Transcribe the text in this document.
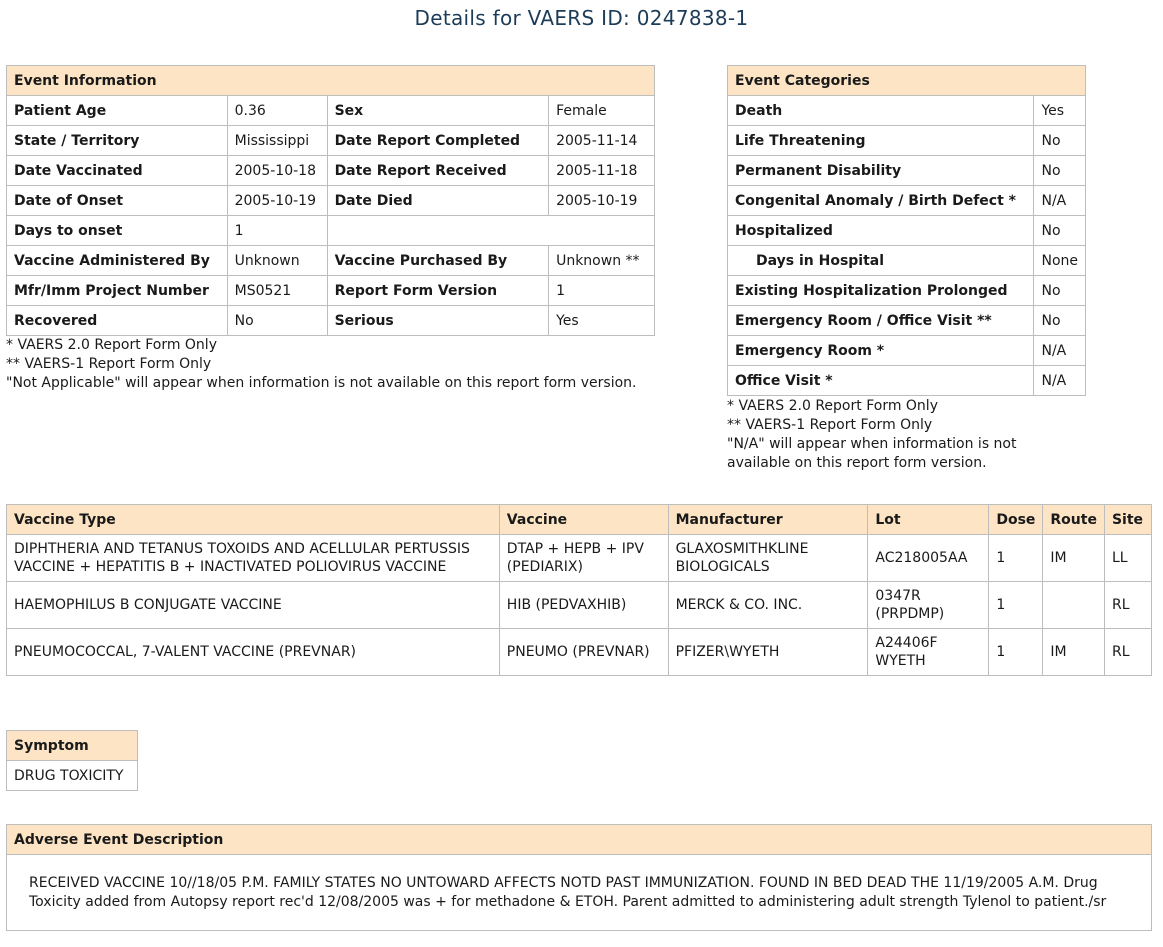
Details for VAERS ID: 0247838-1
Event Information			
Patient Age	0.36	Sex	Female
State / Territory	Mississippi	Date Report Completed	2005-11-14
Date Vaccinated	2005-10-18	Date Report Received	2005-11-18
Date of Onset	2005-10-19	Date Died	2005-10-19
Days to onset	1		
Vaccine Administered By	Unknown	Vaccine Purchased By	Unknown **
Mfr/Imm Project Number	MS0521	Report Form Version	1
Recovered	No	Serious	Yes
* VAERS 2.0 Report Form Only
** VAERS-1 Report Form Only
"Not Applicable" will appear when information is not available on this report form version.
Event Categories	
Death	Yes
Life Threatening	No
Permanent Disability	No
Congenital Anomaly / Birth Defect *	N/A
Hospitalized	No
Days in Hospital	None
Existing Hospitalization Prolonged	No
Emergency Room / Office Visit **	No
Emergency Room *	N/A
Office Visit *	N/A
* VAERS 2.0 Report Form Only
** VAERS-1 Report Form Only
"N/A" will appear when information is not available on this report form version.
Vaccine Type	Vaccine	Manufacturer	Lot	Dose	Route	Site
DIPHTHERIA AND TETANUS TOXOIDS AND ACELLULAR PERTUSSIS VACCINE + HEPATITIS B + INACTIVATED POLIOVIRUS VACCINE	DTAP + HEPB + IPV (PEDIARIX)	GLAXOSMITHKLINE BIOLOGICALS	AC218005AA	1	IM	LL
HAEMOPHILUS B CONJUGATE VACCINE	HIB (PEDVAXHIB)	MERCK & CO. INC.	0347R (PRPDMP)	1		RL
PNEUMOCOCCAL, 7-VALENT VACCINE (PREVNAR)	PNEUMO (PREVNAR)	PFIZER\WYETH	A24406F WYETH	1	IM	RL
Symptom
DRUG TOXICITY
Adverse Event Description
RECEIVED VACCINE 10//18/05 P.M. FAMILY STATES NO UNTOWARD AFFECTS NOTD PAST IMMUNIZATION. FOUND IN BED DEAD THE 11/19/2005 A.M. Drug Toxicity added from Autopsy report rec'd 12/08/2005 was + for methadone & ETOH. Parent admitted to administering adult strength Tylenol to patient./sr
